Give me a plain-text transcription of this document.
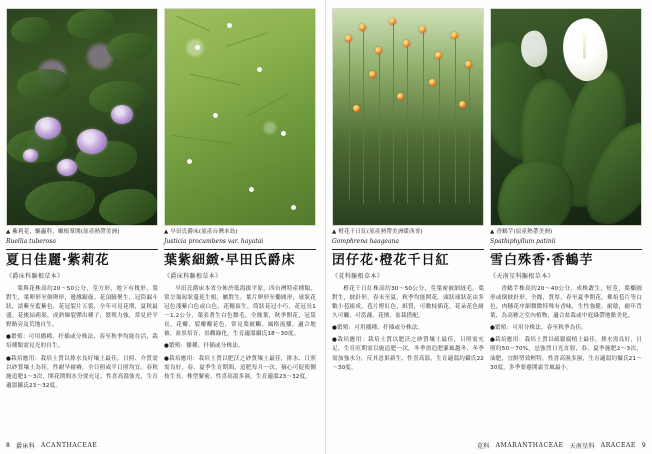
▲ 紫莉花，驅蟲科，嫩根羣開(原產熱帶美洲)
Ruellia tuberosa
夏日佳麗‧紫莉花
《爵床科驅根草本》

葉與花株高約20～50公分，莖方形，地下有稜形，葉對生，葉卵形至倒卵形，邊緣鋸齒。花頂腋聚生，冠筒漏斗狀，淡紫至藍紫色，花冠裂片五裂，全年可見花期，夏秋最盛。花後結蒴果，成熟爆裂彈出種子，繁殖力強，常見於平野路旁及荒地自生。

●繁殖：可用播種、扦插或分株法，春至秋季均能存活，栽培種類需見光的自生。

●栽培應用：栽培土質以排水良好壤土最佳，日照、介質需以砂質壤土為佳，性耐旱耐瘠，全日照或半日照均宜。春秋施追肥1～3次，開花期間水分要充足，性喜高溫強光，生育適溫攝氏23～32度。

▲ 早田氏爵床(原產台灣本島)
Justicia procumbens var. hayatai
葉紫細緻‧早田氏爵床
《爵床科驅根草本》

早田氏爵床本省分佈於低海拔平原，四台灣特產種類，常呈匍匐狀蔓延生根，屬對生，葉片卵形至橢圓形，球狀花冠色淺紫白色或白色，花穗頂生，筒狀花冠小巧，花冠長1～1.2公分，葉表著生白色微毛，全緣葉，秋季開花，冠筒長，花瓣、裂瓣瓣花色，常見葉被觸、風格流播，適合地被、盆景培育、景觀綠化，生育適溫攝氏18～30度。

●繁殖：播種、扦插或分株法。

●栽培應用：栽培土質以肥沃之砂質壤土最佳，排水、日照需良好，春、夏季生育期間，追肥每月一次，摘心可促使側枝生長、株型緊密，性喜高溫多濕，生育適溫23～32度。

8 爵床科 ACANTHACEAE
▲ 橙花千日紅(原產熱帶美洲暖西哥)
Gomphrena haageana
囝仔花‧橙花千日紅
《莧科驅根草本》

橙花千日紅株高約30～50公分，莖葉密被細絨毛，葉對生，披針形，春末至夏、秋季均能開花，頭狀球狀花由多數小苞組成，苞片橙紅色，紙質，可數枝插花，花朵花色耐久可曬，可當蔬、花壇、盆栽搭配。

●繁殖：可用播種、扦插或分株法。

●栽培應用：栽培土質以肥沃之砂質壤土最佳，日照需充足，生育旺期需以施追肥一次，冬季需追肥灌風越冬，冬季需加強水分，反其意果新生、性喜高溫，生育適溫約攝氏22～30度。

▲ 香鶴芋(原產熱帶美洲)
Spathiphyllum patinii
雪白殊香‧香鶴芋
《天南星科驅根草本》

香鶴芋株高約20～40公分，成株叢生，短莖，葉橢圓形或倒披針形，全緣，質厚，春至夏季開花，佛焰苞片等白色，肉穗花序細微微特殊有香味，生性強健，耐陰，耐年背葉，為高雅之室內植物，適合盆栽或中庭綠帶地點美化。

●繁殖：可用分株法，春至秋季為佳。

●栽培應用：栽培土質以疏鬆腐植土最佳，排水需良好，日照約50～70%，忌強烈日光直射，春、夏季施肥2～3次，油肥，宜鮮塑效輕特，性喜高濕多濕，生育適溫約攝氏21～30度，多季要避開霜雪風最小。

莧科 AMARANTHACEAE 天南星科 ARACEAE 9
